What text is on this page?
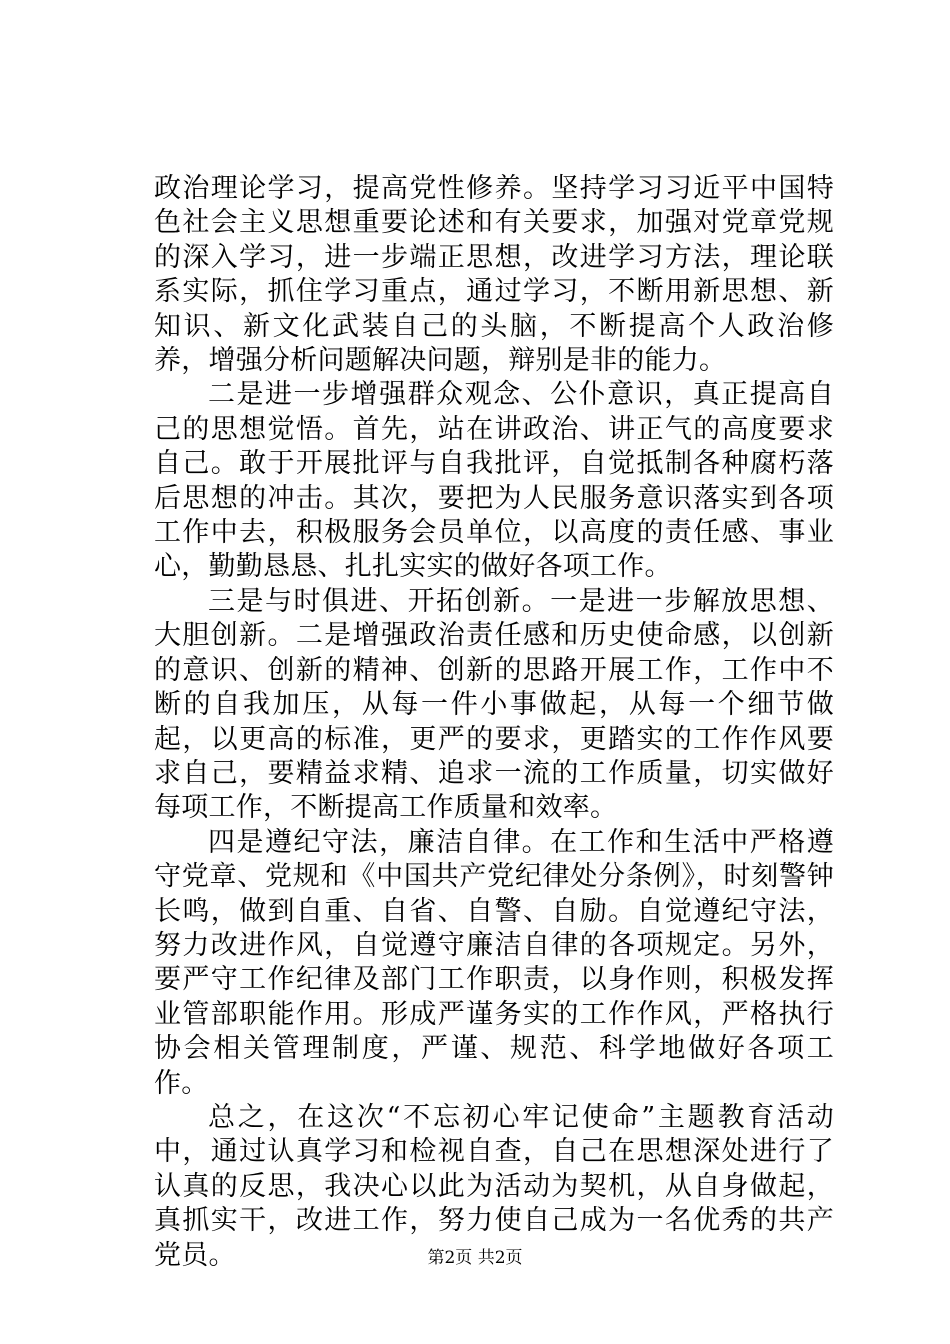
政治理论学习，提高党性修养。坚持学习习近平中国特色社会主义思想重要论述和有关要求，加强对党章党规的深入学习，进一步端正思想，改进学习方法，理论联系实际，抓住学习重点，通过学习，不断用新思想、新知识、新文化武装自己的头脑，不断提高个人政治修养，增强分析问题解决问题，辩别是非的能力。

二是进一步增强群众观念、公仆意识，真正提高自己的思想觉悟。首先，站在讲政治、讲正气的高度要求自己。敢于开展批评与自我批评，自觉抵制各种腐朽落后思想的冲击。其次，要把为人民服务意识落实到各项工作中去，积极服务会员单位，以高度的责任感、事业心，勤勤恳恳、扎扎实实的做好各项工作。

三是与时俱进、开拓创新。一是进一步解放思想、大胆创新。二是增强政治责任感和历史使命感，以创新的意识、创新的精神、创新的思路开展工作，工作中不断的自我加压，从每一件小事做起，从每一个细节做起，以更高的标准，更严的要求，更踏实的工作作风要求自己，要精益求精、追求一流的工作质量，切实做好每项工作，不断提高工作质量和效率。

四是遵纪守法，廉洁自律。在工作和生活中严格遵守党章、党规和《中国共产党纪律处分条例》，时刻警钟长鸣，做到自重、自省、自警、自励。自觉遵纪守法，努力改进作风，自觉遵守廉洁自律的各项规定。另外，要严守工作纪律及部门工作职责，以身作则，积极发挥业管部职能作用。形成严谨务实的工作作风，严格执行协会相关管理制度，严谨、规范、科学地做好各项工作。

总之，在这次“不忘初心牢记使命”主题教育活动中，通过认真学习和检视自查，自己在思想深处进行了认真的反思，我决心以此为活动为契机，从自身做起，真抓实干，改进工作，努力使自己成为一名优秀的共产党员。	第2页 共2页
